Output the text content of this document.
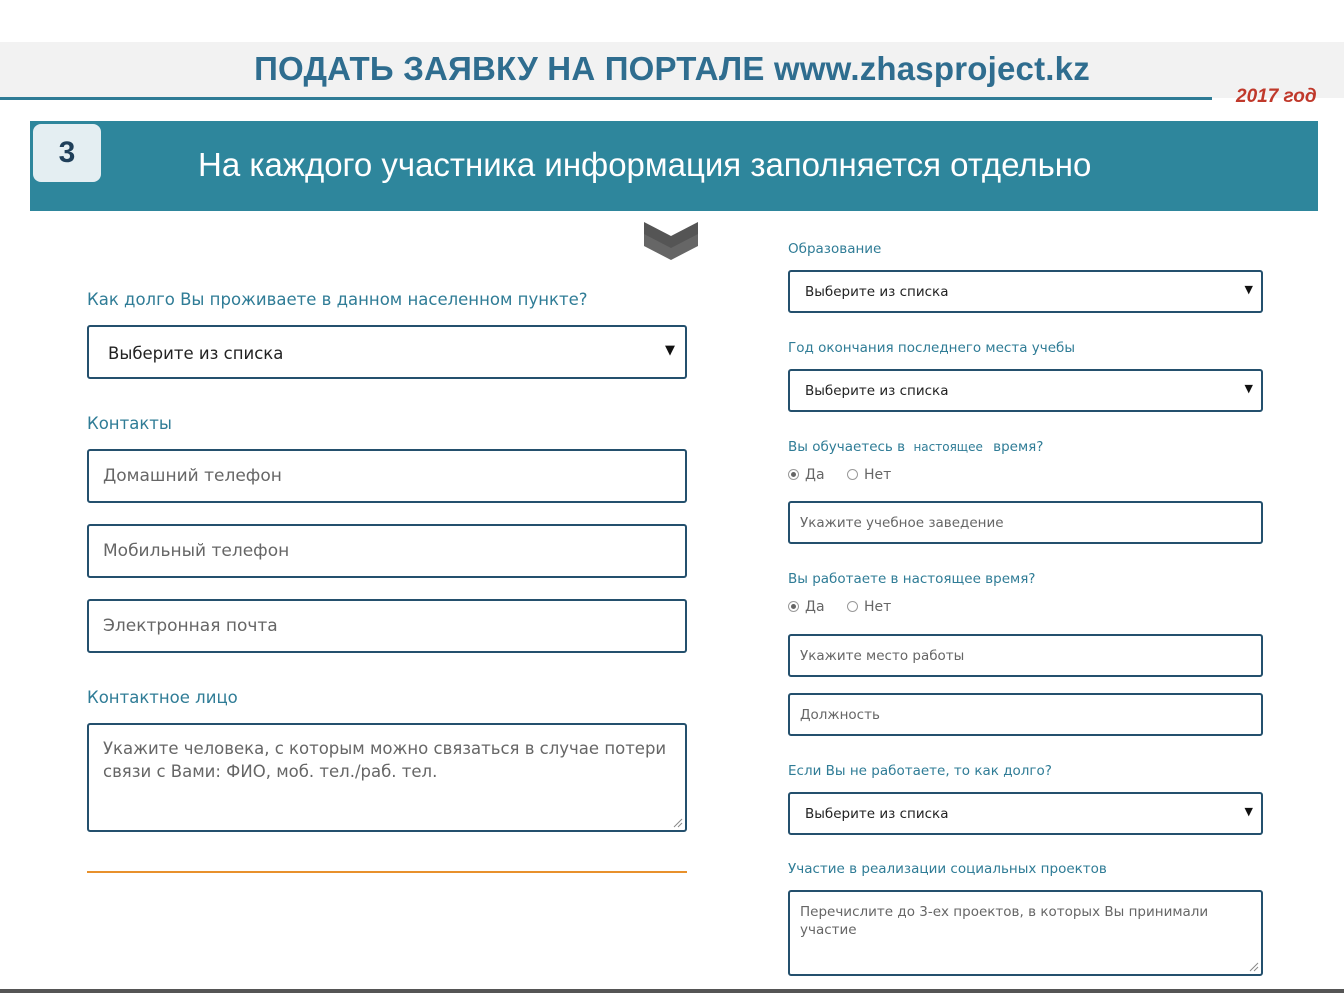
ПОДАТЬ ЗАЯВКУ НА ПОРТАЛЕ www.zhasproject.kz
2017 год
3	На каждого участника информация заполняется отдельно
Как долго Вы проживаете в данном населенном пункте?
Выберите из списка	▼
Контакты
Домашний телефон
Мобильный телефон
Электронная почта
Контактное лицо
Укажите человека, с которым можно связаться в случае потери
связи с Вами: ФИО, моб. тел./раб. тел.
Образование
Выберите из списка	▼
Год окончания последнего места учебы
Выберите из списка	▼
Вы обучаетесь в настоящее время?
Да	Нет
Укажите учебное заведение
Вы работаете в настоящее время?
Да	Нет
Укажите место работы
Должность
Если Вы не работаете, то как долго?
Выберите из списка	▼
Участие в реализации социальных проектов
Перечислите до 3-ех проектов, в которых Вы принимали
участие
